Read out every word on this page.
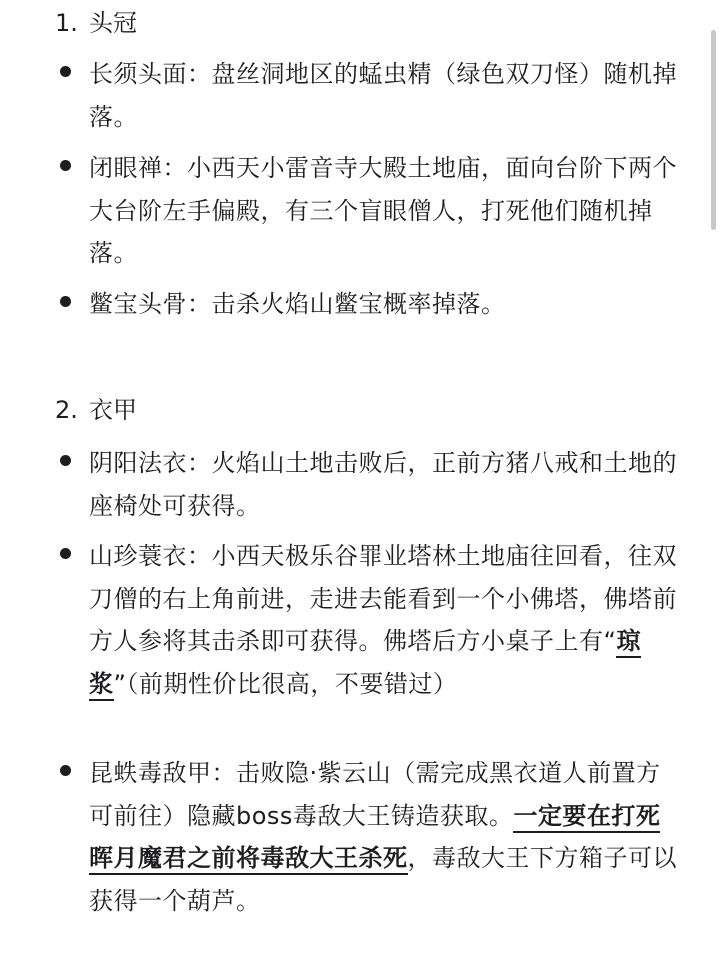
1. 头冠
长须头面：盘丝洞地区的蜢虫精（绿色双刀怪）随机掉落。
闭眼禅：小西天小雷音寺大殿土地庙，面向台阶下两个大台阶左手偏殿，有三个盲眼僧人，打死他们随机掉落。
鳖宝头骨：击杀火焰山鳖宝概率掉落。
2. 衣甲
阴阳法衣：火焰山土地击败后，正前方猪八戒和土地的座椅处可获得。
山珍蓑衣：小西天极乐谷罪业塔林土地庙往回看，往双刀僧的右上角前进，走进去能看到一个小佛塔，佛塔前方人参将其击杀即可获得。佛塔后方小桌子上有“琼浆”（前期性价比很高，不要错过）
昆蛈毒敌甲：击败隐·紫云山（需完成黑衣道人前置方可前往）隐藏boss毒敌大王铸造获取。一定要在打死晖月魔君之前将毒敌大王杀死，毒敌大王下方箱子可以获得一个葫芦。
